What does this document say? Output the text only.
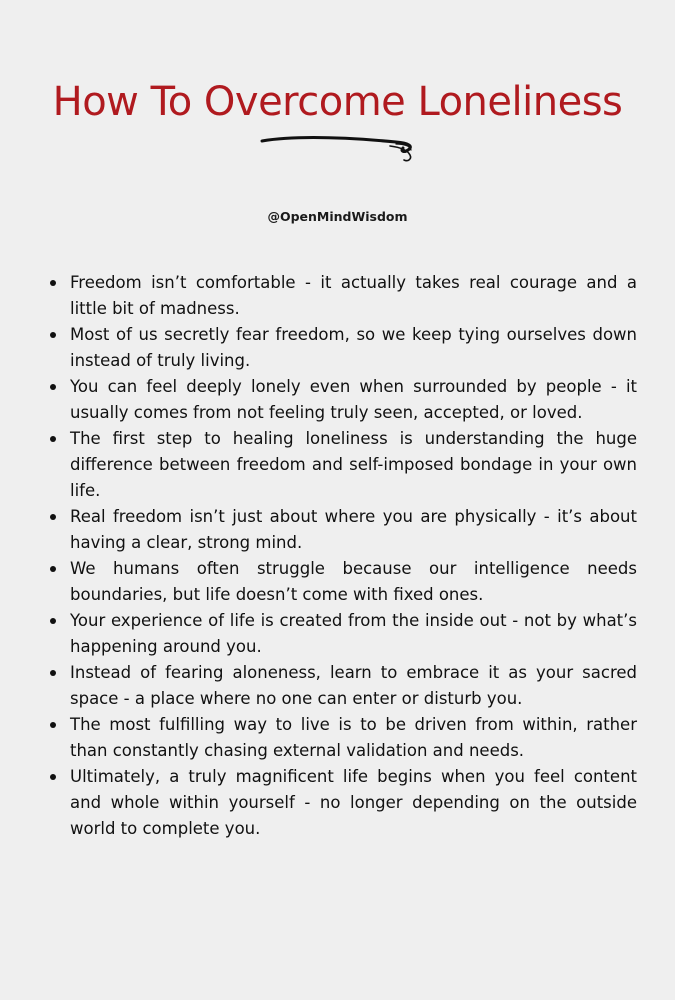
How To Overcome Loneliness
@OpenMindWisdom
Freedom isn’t comfortable - it actually takes real courage and a little bit of madness.
Most of us secretly fear freedom, so we keep tying ourselves down instead of truly living.
You can feel deeply lonely even when surrounded by people - it usually comes from not feeling truly seen, accepted, or loved.
The first step to healing loneliness is understanding the huge difference between freedom and self-imposed bondage in your own life.
Real freedom isn’t just about where you are physically - it’s about having a clear, strong mind.
We humans often struggle because our intelligence needs boundaries, but life doesn’t come with fixed ones.
Your experience of life is created from the inside out - not by what’s happening around you.
Instead of fearing aloneness, learn to embrace it as your sacred space - a place where no one can enter or disturb you.
The most fulfilling way to live is to be driven from within, rather than constantly chasing external validation and needs.
Ultimately, a truly magnificent life begins when you feel content and whole within yourself - no longer depending on the outside world to complete you.
